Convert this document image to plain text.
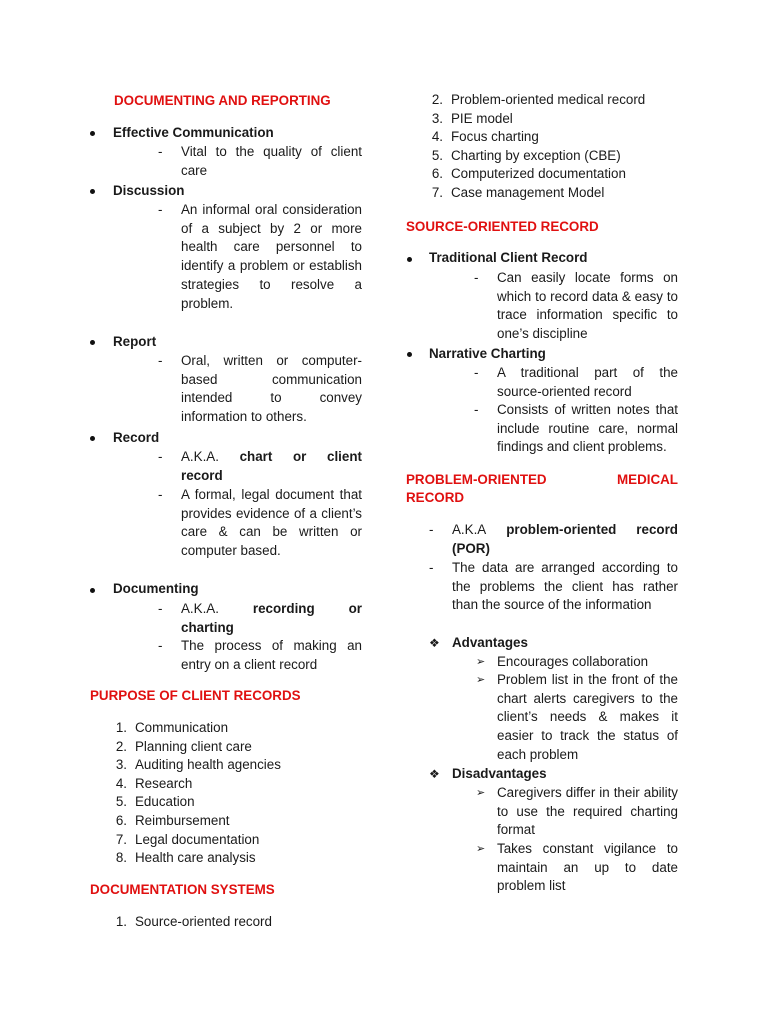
DOCUMENTING AND REPORTING
Effective Communication
- Vital to the quality of client care
Discussion
- An informal oral consideration of a subject by 2 or more health care personnel to identify a problem or establish strategies to resolve a problem.
Report
- Oral, written or computer-based communication intended to convey information to others.
Record
- A.K.A. chart or client
record
- A formal, legal document that provides evidence of a client’s care & can be written or computer based.
Documenting
- A.K.A.	recording	or
charting
- The process of making an entry on a client record
PURPOSE OF CLIENT RECORDS
1. Communication
2. Planning client care
3. Auditing health agencies
4. Research
5. Education
6. Reimbursement
7. Legal documentation
8. Health care analysis
DOCUMENTATION SYSTEMS
1. Source-oriented record
2. Problem-oriented medical record
3. PIE model
4. Focus charting
5. Charting by exception (CBE)
6. Computerized documentation
7. Case management Model
SOURCE-ORIENTED RECORD
Traditional Client Record
- Can easily locate forms on which to record data & easy to trace information specific to one’s discipline
Narrative Charting
- A traditional part of the source-oriented record
- Consists of written notes that include routine care, normal findings and client problems.
PROBLEM-ORIENTED MEDICAL
RECORD
- A.K.A problem-oriented record
(POR)
- The data are arranged according to the problems the client has rather than the source of the information
❖ Advantages
➢ Encourages collaboration
➢ Problem list in the front of the chart alerts caregivers to the client’s needs & makes it easier to track the status of each problem
❖ Disadvantages
➢ Caregivers differ in their ability to use the required charting format
➢ Takes constant vigilance to maintain an up to date problem list
